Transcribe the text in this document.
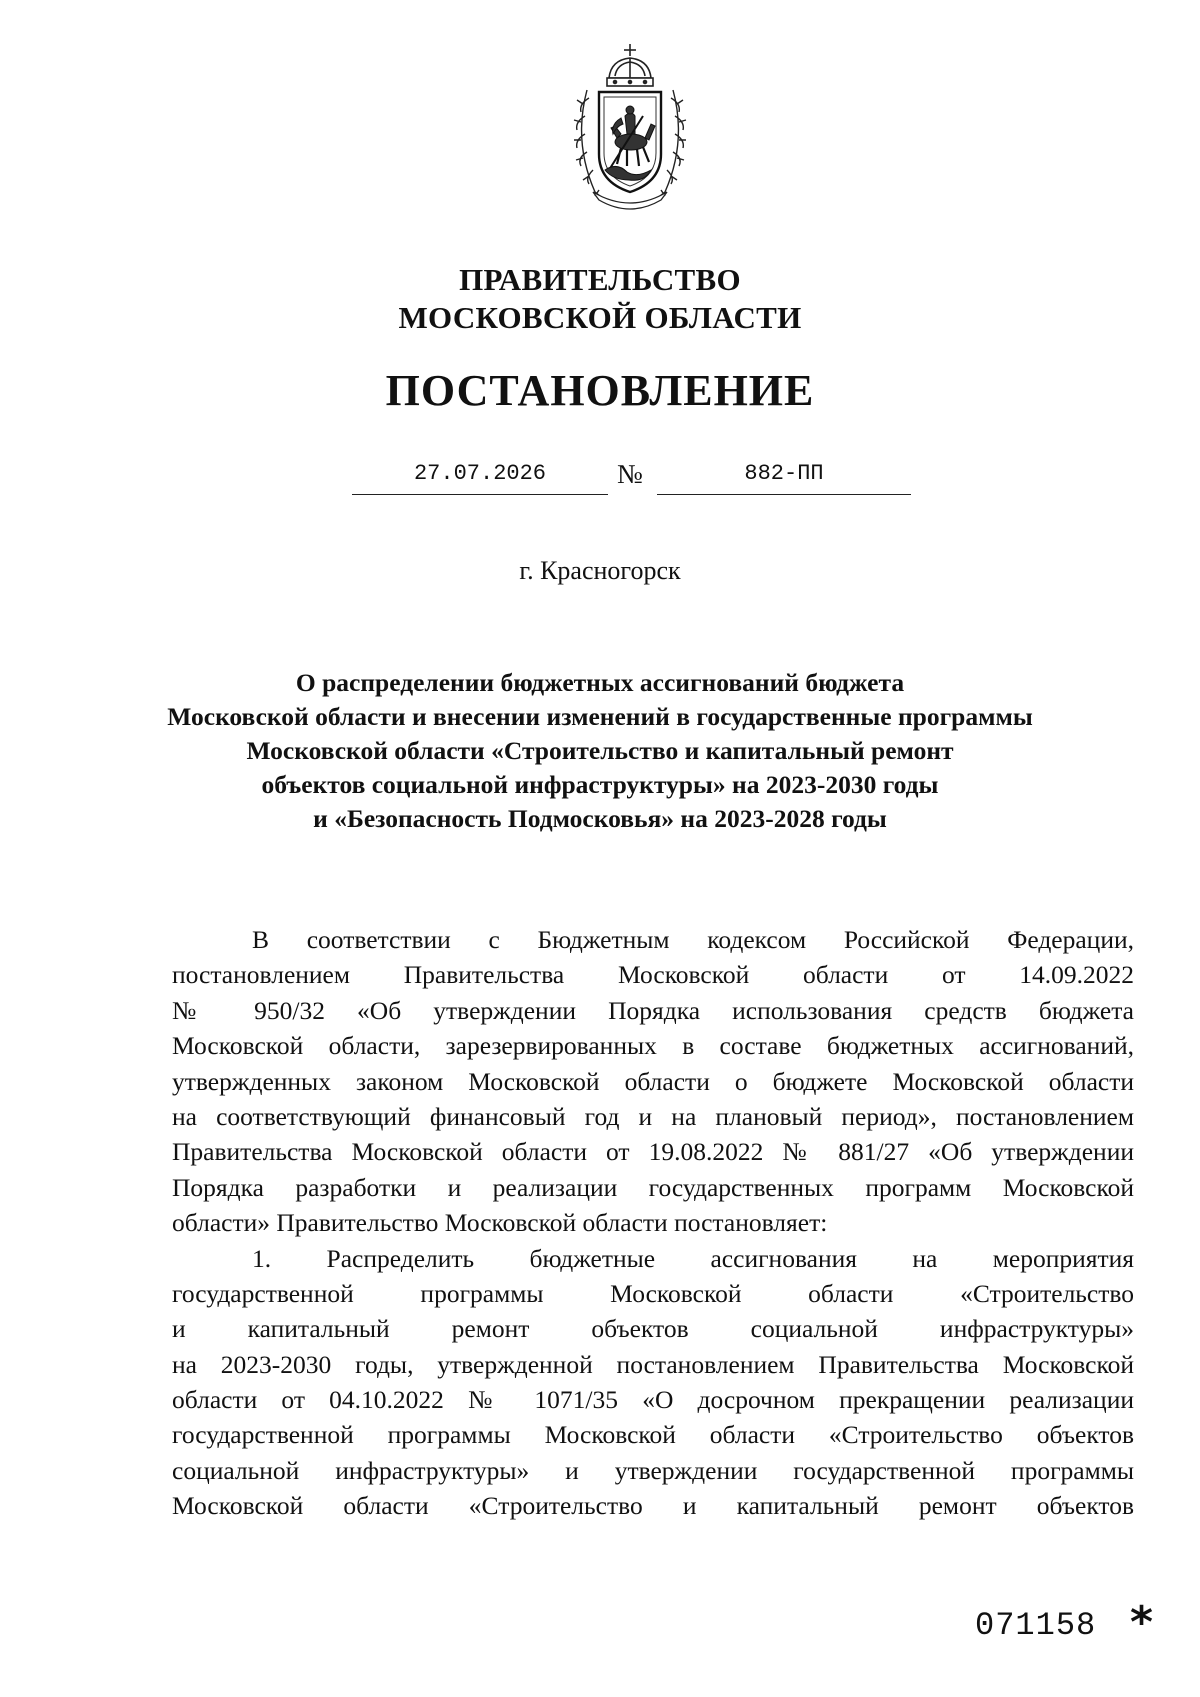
ПРАВИТЕЛЬСТВО
МОСКОВСКОЙ ОБЛАСТИ
ПОСТАНОВЛЕНИЕ
27.07.2026	№	882-ПП
г. Красногорск
О распределении бюджетных ассигнований бюджета
Московской области и внесении изменений в государственные программы
Московской области «Строительство и капитальный ремонт
объектов социальной инфраструктуры» на 2023-2030 годы
и «Безопасность Подмосковья» на 2023-2028 годы
В соответствии с Бюджетным кодексом Российской Федерации,
постановлением Правительства Московской области от 14.09.2022
№ 950/32 «Об утверждении Порядка использования средств бюджета
Московской области, зарезервированных в составе бюджетных ассигнований,
утвержденных законом Московской области о бюджете Московской области
на соответствующий финансовый год и на плановый период», постановлением
Правительства Московской области от 19.08.2022 № 881/27 «Об утверждении
Порядка разработки и реализации государственных программ Московской
области» Правительство Московской области постановляет:
1. Распределить бюджетные ассигнования на мероприятия
государственной программы Московской области «Строительство
и капитальный ремонт объектов социальной инфраструктуры»
на 2023-2030 годы, утвержденной постановлением Правительства Московской
области от 04.10.2022 № 1071/35 «О досрочном прекращении реализации
государственной программы Московской области «Строительство объектов
социальной инфраструктуры» и утверждении государственной программы
Московской области «Строительство и капитальный ремонт объектов
071158 *
